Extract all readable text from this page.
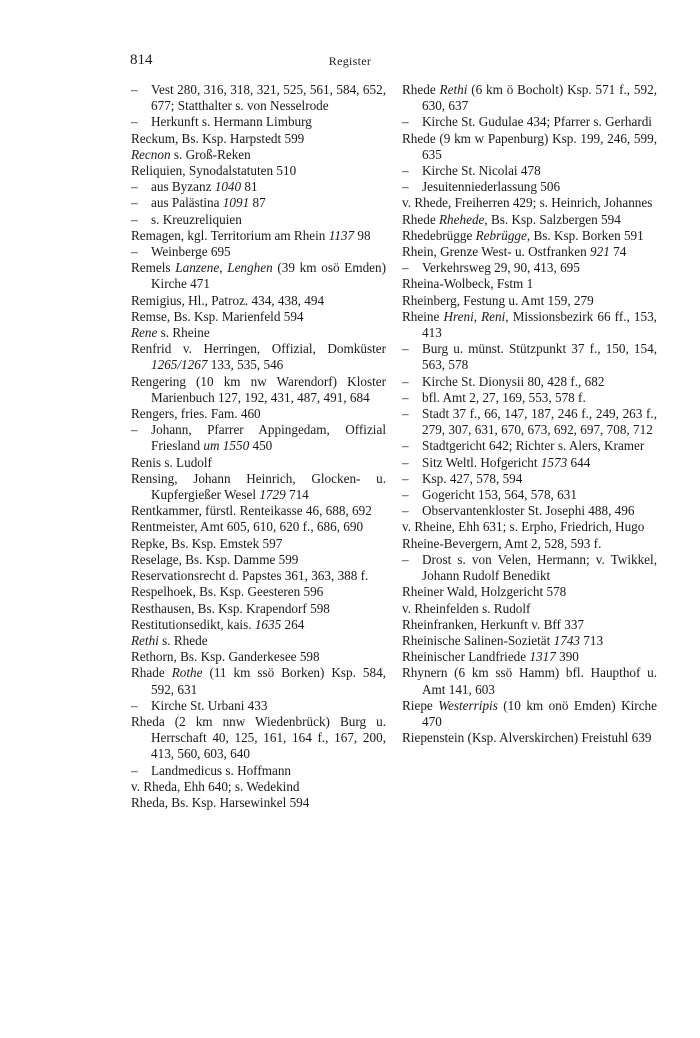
814	Register
– Vest 280, 316, 318, 321, 525, 561, 584, 652, 677; Statthalter s. von Nesselrode
– Herkunft s. Hermann Limburg
Reckum, Bs. Ksp. Harpstedt 599
Recnon s. Groß-Reken
Reliquien, Synodalstatuten 510
– aus Byzanz 1040 81
– aus Palästina 1091 87
– s. Kreuzreliquien
Remagen, kgl. Territorium am Rhein 1137 98
– Weinberge 695
Remels Lanzene, Lenghen (39 km osö Emden) Kirche 471
Remigius, Hl., Patroz. 434, 438, 494
Remse, Bs. Ksp. Marienfeld 594
Rene s. Rheine
Renfrid v. Herringen, Offizial, Domküster 1265/1267 133, 535, 546
Rengering (10 km nw Warendorf) Kloster Marienbuch 127, 192, 431, 487, 491, 684
Rengers, fries. Fam. 460
– Johann, Pfarrer Appingedam, Offizial Friesland um 1550 450
Renis s. Ludolf
Rensing, Johann Heinrich, Glocken- u. Kupfergießer Wesel 1729 714
Rentkammer, fürstl. Renteikasse 46, 688, 692
Rentmeister, Amt 605, 610, 620 f., 686, 690
Repke, Bs. Ksp. Emstek 597
Reselage, Bs. Ksp. Damme 599
Reservationsrecht d. Papstes 361, 363, 388 f.
Respelhoek, Bs. Ksp. Geesteren 596
Resthausen, Bs. Ksp. Krapendorf 598
Restitutionsedikt, kais. 1635 264
Rethi s. Rhede
Rethorn, Bs. Ksp. Ganderkesee 598
Rhade Rothe (11 km ssö Borken) Ksp. 584, 592, 631
– Kirche St. Urbani 433
Rheda (2 km nnw Wiedenbrück) Burg u. Herrschaft 40, 125, 161, 164 f., 167, 200, 413, 560, 603, 640
– Landmedicus s. Hoffmann
v. Rheda, Ehh 640; s. Wedekind
Rheda, Bs. Ksp. Harsewinkel 594
Rhede Rethi (6 km ö Bocholt) Ksp. 571 f., 592, 630, 637
– Kirche St. Gudulae 434; Pfarrer s. Gerhardi
Rhede (9 km w Papenburg) Ksp. 199, 246, 599, 635
– Kirche St. Nicolai 478
– Jesuitenniederlassung 506
v. Rhede, Freiherren 429; s. Heinrich, Johannes
Rhede Rhehede, Bs. Ksp. Salzbergen 594
Rhedebrügge Rebrügge, Bs. Ksp. Borken 591
Rhein, Grenze West- u. Ostfranken 921 74
– Verkehrsweg 29, 90, 413, 695
Rheina-Wolbeck, Fstm 1
Rheinberg, Festung u. Amt 159, 279
Rheine Hreni, Reni, Missionsbezirk 66 ff., 153, 413
– Burg u. münst. Stützpunkt 37 f., 150, 154, 563, 578
– Kirche St. Dionysii 80, 428 f., 682
– bfl. Amt 2, 27, 169, 553, 578 f.
– Stadt 37 f., 66, 147, 187, 246 f., 249, 263 f., 279, 307, 631, 670, 673, 692, 697, 708, 712
– Stadtgericht 642; Richter s. Alers, Kramer
– Sitz Weltl. Hofgericht 1573 644
– Ksp. 427, 578, 594
– Gogericht 153, 564, 578, 631
– Observantenkloster St. Josephi 488, 496
v. Rheine, Ehh 631; s. Erpho, Friedrich, Hugo
Rheine-Bevergern, Amt 2, 528, 593 f.
– Drost s. von Velen, Hermann; v. Twikkel, Johann Rudolf Benedikt
Rheiner Wald, Holzgericht 578
v. Rheinfelden s. Rudolf
Rheinfranken, Herkunft v. Bff 337
Rheinische Salinen-Sozietät 1743 713
Rheinischer Landfriede 1317 390
Rhynern (6 km ssö Hamm) bfl. Haupthof u. Amt 141, 603
Riepe Westerripis (10 km onö Emden) Kirche 470
Riepenstein (Ksp. Alverskirchen) Freistuhl 639
